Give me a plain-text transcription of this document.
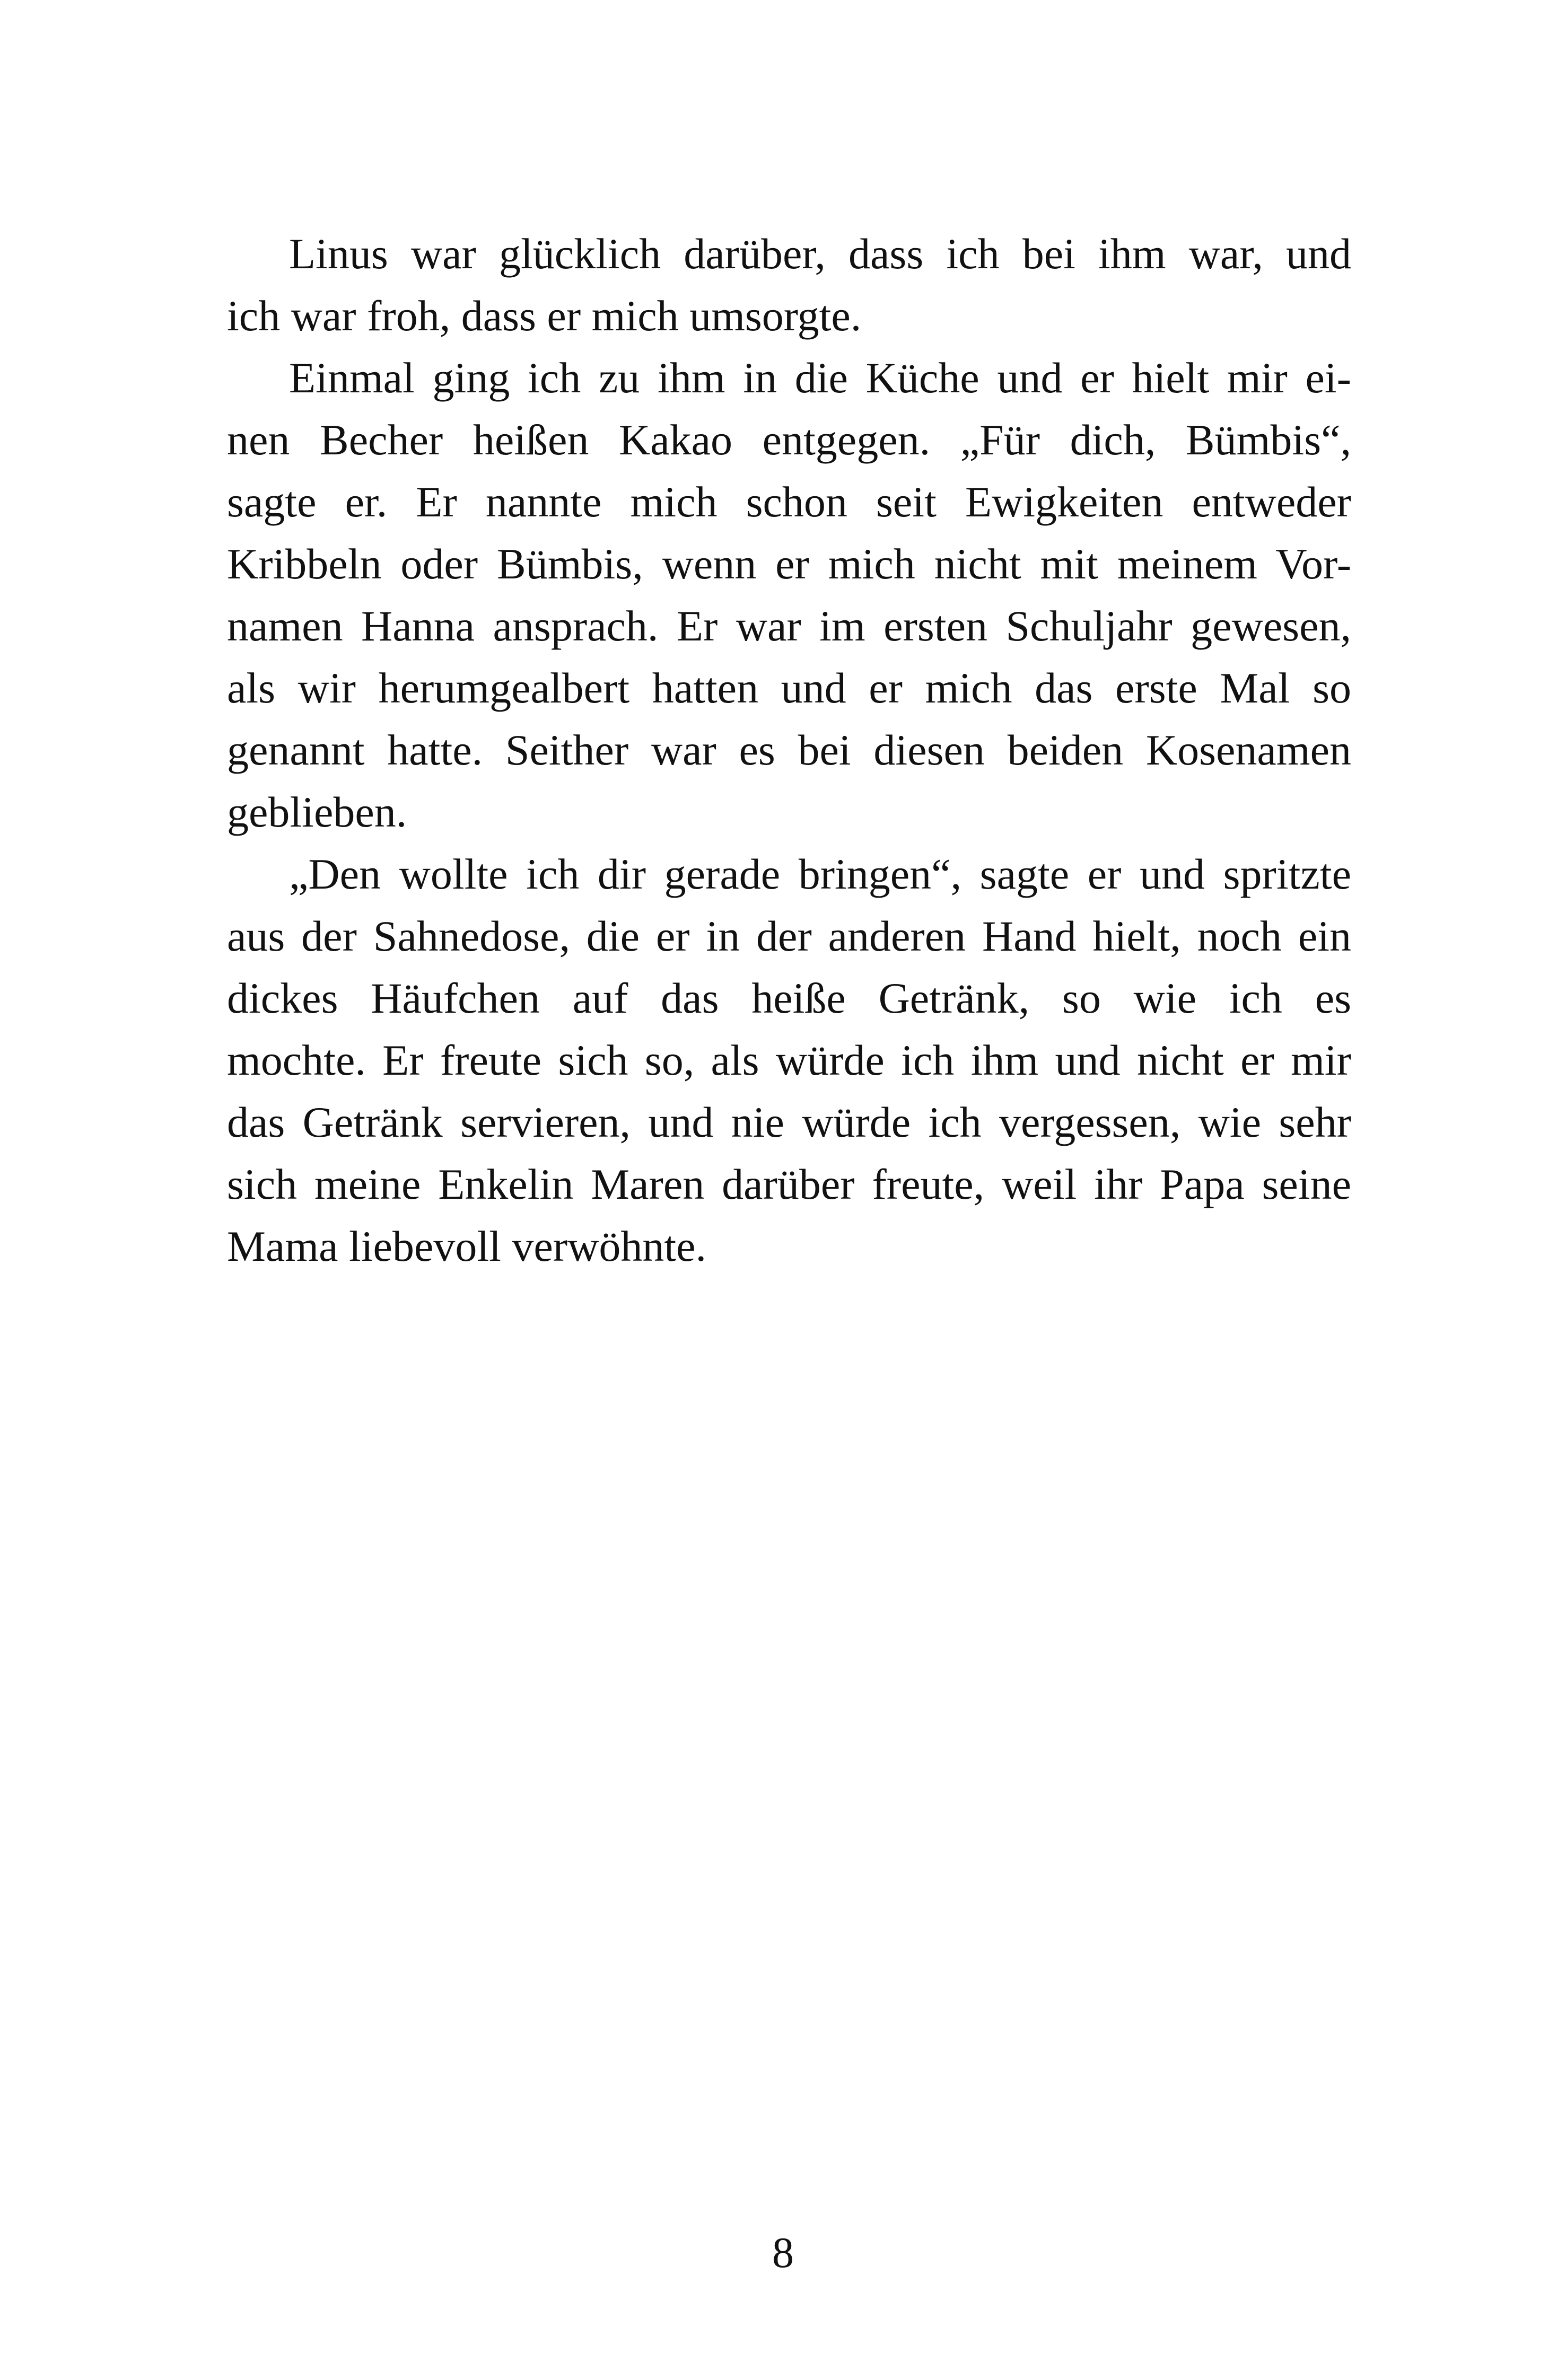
Linus war glücklich darüber, dass ich bei ihm war, und
ich war froh, dass er mich umsorgte.
Einmal ging ich zu ihm in die Küche und er hielt mir ei-
nen Becher heißen Kakao entgegen. „Für dich, Bümbis“,
sagte er. Er nannte mich schon seit Ewigkeiten entweder
Kribbeln oder Bümbis, wenn er mich nicht mit meinem Vor-
namen Hanna ansprach. Er war im ersten Schuljahr gewesen,
als wir herumgealbert hatten und er mich das erste Mal so
genannt hatte. Seither war es bei diesen beiden Kosenamen
geblieben.
„Den wollte ich dir gerade bringen“, sagte er und spritzte
aus der Sahnedose, die er in der anderen Hand hielt, noch ein
dickes Häufchen auf das heiße Getränk, so wie ich es
mochte. Er freute sich so, als würde ich ihm und nicht er mir
das Getränk servieren, und nie würde ich vergessen, wie sehr
sich meine Enkelin Maren darüber freute, weil ihr Papa seine
Mama liebevoll verwöhnte.
8
